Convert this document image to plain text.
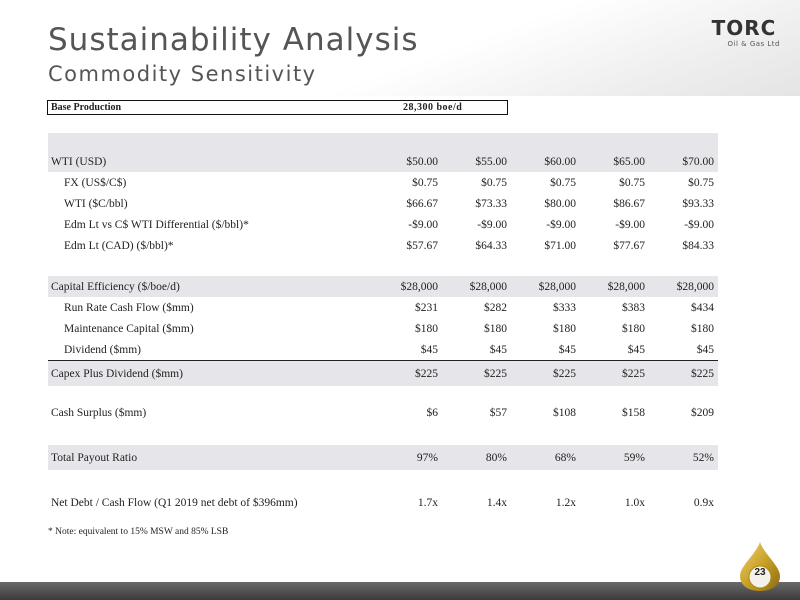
Sustainability Analysis
Commodity Sensitivity
TORC
Oil & Gas Ltd
Base Production	28,300 boe/d

WTI (USD)	$50.00	$55.00	$60.00	$65.00	$70.00
FX (US$/C$)	$0.75	$0.75	$0.75	$0.75	$0.75
WTI ($C/bbl)	$66.67	$73.33	$80.00	$86.67	$93.33
Edm Lt vs C$ WTI Differential ($/bbl)*	-$9.00	-$9.00	-$9.00	-$9.00	-$9.00
Edm Lt (CAD) ($/bbl)*	$57.67	$64.33	$71.00	$77.67	$84.33

Capital Efficiency ($/boe/d)	$28,000	$28,000	$28,000	$28,000	$28,000
Run Rate Cash Flow ($mm)	$231	$282	$333	$383	$434
Maintenance Capital ($mm)	$180	$180	$180	$180	$180
Dividend ($mm)	$45	$45	$45	$45	$45
Capex Plus Dividend ($mm)	$225	$225	$225	$225	$225

Cash Surplus ($mm)	$6	$57	$108	$158	$209

Total Payout Ratio	97%	80%	68%	59%	52%

Net Debt / Cash Flow (Q1 2019 net debt of $396mm)	1.7x	1.4x	1.2x	1.0x	0.9x
* Note: equivalent to 15% MSW and 85% LSB
23
